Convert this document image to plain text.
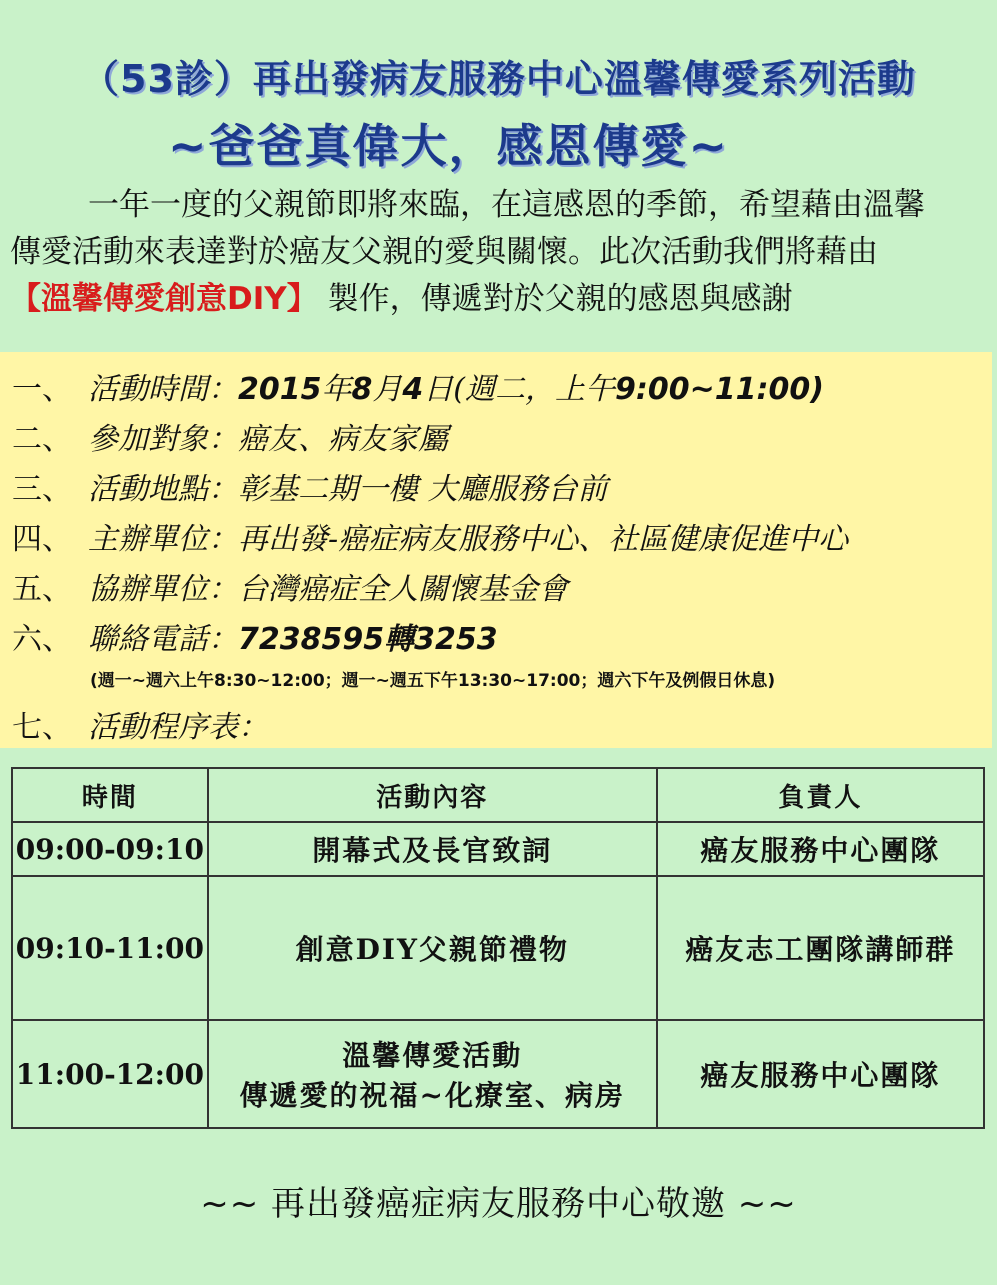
（53診）再出發病友服務中心溫馨傳愛系列活動
~爸爸真偉大，感恩傳愛~
一年一度的父親節即將來臨，在這感恩的季節，希望藉由溫馨
傳愛活動來表達對於癌友父親的愛與關懷。此次活動我們將藉由
【溫馨傳愛創意DIY】 製作，傳遞對於父親的感恩與感謝
一、 活動時間：2015年8月4日(週二，上午9:00~11:00)
二、 參加對象：癌友、病友家屬
三、 活動地點：彰基二期一樓 大廳服務台前
四、 主辦單位：再出發-癌症病友服務中心、社區健康促進中心
五、 協辦單位：台灣癌症全人關懷基金會
六、 聯絡電話：7238595轉3253
(週一~週六上午8:30~12:00；週一~週五下午13:30~17:00；週六下午及例假日休息)
七、 活動程序表：
時間	活動內容	負責人
09:00-09:10	開幕式及長官致詞	癌友服務中心團隊
09:10-11:00	創意DIY父親節禮物	癌友志工團隊講師群
11:00-12:00	溫馨傳愛活動
傳遞愛的祝福~化療室、病房	癌友服務中心團隊
~~ 再出發癌症病友服務中心敬邀 ~~
